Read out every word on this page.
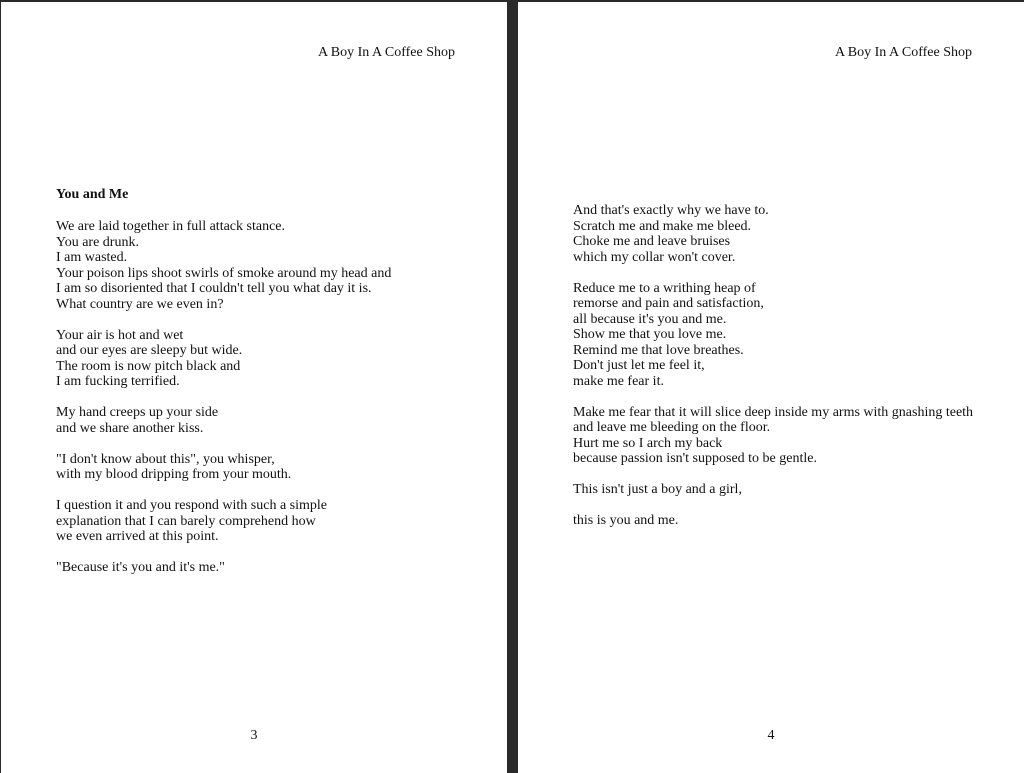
A Boy In A Coffee Shop
You and Me
We are laid together in full attack stance.
You are drunk.
I am wasted.
Your poison lips shoot swirls of smoke around my head and
I am so disoriented that I couldn't tell you what day it is.
What country are we even in?
Your air is hot and wet
and our eyes are sleepy but wide.
The room is now pitch black and
I am fucking terrified.
My hand creeps up your side
and we share another kiss.
"I don't know about this", you whisper,
with my blood dripping from your mouth.
I question it and you respond with such a simple
explanation that I can barely comprehend how
we even arrived at this point.
"Because it's you and it's me."
3
A Boy In A Coffee Shop
And that's exactly why we have to.
Scratch me and make me bleed.
Choke me and leave bruises
which my collar won't cover.
Reduce me to a writhing heap of
remorse and pain and satisfaction,
all because it's you and me.
Show me that you love me.
Remind me that love breathes.
Don't just let me feel it,
make me fear it.
Make me fear that it will slice deep inside my arms with gnashing teeth
and leave me bleeding on the floor.
Hurt me so I arch my back
because passion isn't supposed to be gentle.
This isn't just a boy and a girl,
this is you and me.
4
